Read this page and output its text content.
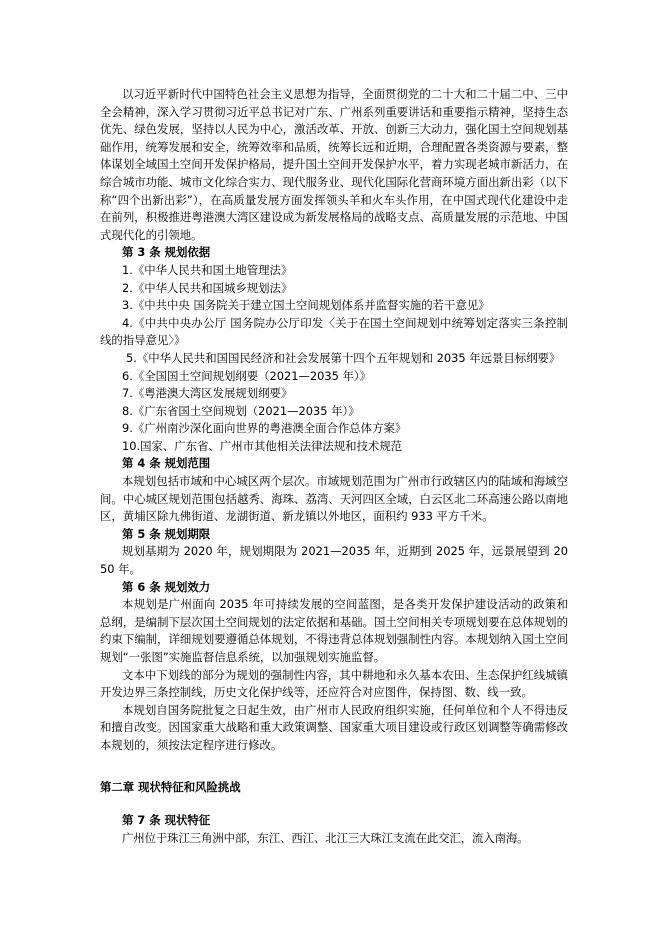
以习近平新时代中国特色社会主义思想为指导，全面贯彻党的二十大和二十届二中、三中全会精神，深入学习贯彻习近平总书记对广东、广州系列重要讲话和重要指示精神，坚持生态优先、绿色发展，坚持以人民为中心，激活改革、开放、创新三大动力，强化国土空间规划基础作用，统筹发展和安全，统筹效率和品质，统筹长远和近期，合理配置各类资源与要素，整体谋划全域国土空间开发保护格局，提升国土空间开发保护水平，着力实现老城市新活力，在综合城市功能、城市文化综合实力、现代服务业、现代化国际化营商环境方面出新出彩（以下称“四个出新出彩”），在高质量发展方面发挥领头羊和火车头作用，在中国式现代化建设中走在前列，积极推进粤港澳大湾区建设成为新发展格局的战略支点、高质量发展的示范地、中国式现代化的引领地。

第 3 条 规划依据

1.《中华人民共和国土地管理法》

2.《中华人民共和国城乡规划法》

3.《中共中央 国务院关于建立国土空间规划体系并监督实施的若干意见》

4.《中共中央办公厅 国务院办公厅印发〈关于在国土空间规划中统筹划定落实三条控制线的指导意见〉》

5.《中华人民共和国国民经济和社会发展第十四个五年规划和 2035 年远景目标纲要》

6.《全国国土空间规划纲要（2021—2035 年）》

7.《粤港澳大湾区发展规划纲要》

8.《广东省国土空间规划（2021—2035 年）》

9.《广州南沙深化面向世界的粤港澳全面合作总体方案》

10.国家、广东省、广州市其他相关法律法规和技术规范

第 4 条 规划范围

本规划包括市域和中心城区两个层次。市域规划范围为广州市行政辖区内的陆域和海域空间。中心城区规划范围包括越秀、海珠、荔湾、天河四区全域，白云区北二环高速公路以南地区，黄埔区除九佛街道、龙湖街道、新龙镇以外地区，面积约 933 平方千米。

第 5 条 规划期限

规划基期为 2020 年，规划期限为 2021—2035 年，近期到 2025 年，远景展望到 2050 年。

第 6 条 规划效力

本规划是广州面向 2035 年可持续发展的空间蓝图，是各类开发保护建设活动的政策和总纲，是编制下层次国土空间规划的法定依据和基础。国土空间相关专项规划要在总体规划的约束下编制，详细规划要遵循总体规划，不得违背总体规划强制性内容。本规划纳入国土空间规划“一张图”实施监督信息系统，以加强规划实施监督。

文本中下划线的部分为规划的强制性内容，其中耕地和永久基本农田、生态保护红线城镇开发边界三条控制线，历史文化保护线等，还应符合对应图件，保持图、数、线一致。

本规划自国务院批复之日起生效，由广州市人民政府组织实施，任何单位和个人不得违反和擅自改变。因国家重大战略和重大政策调整、国家重大项目建设或行政区划调整等确需修改本规划的，须按法定程序进行修改。

第二章 现状特征和风险挑战
第 7 条 现状特征

广州位于珠江三角洲中部，东江、西江、北江三大珠江支流在此交汇，流入南海。
